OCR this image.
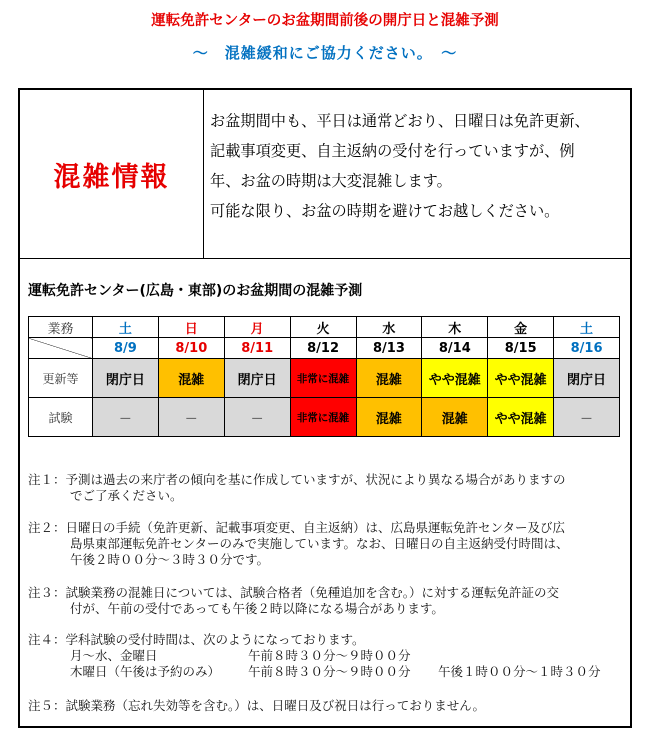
運転免許センターのお盆期間前後の開庁日と混雑予測
～　混雑緩和にご協力ください。　～
混雑情報
お盆期間中も、平日は通常どおり、日曜日は免許更新、
記載事項変更、自主返納の受付を行っていますが、例
年、お盆の時期は大変混雑します。
可能な限り、お盆の時期を避けてお越しください。
運転免許センター(広島・東部)のお盆期間の混雑予測
業務	土	日	月	火	水	木	金	土
	8/9	8/10	8/11	8/12	8/13	8/14	8/15	8/16
更新等	閉庁日	混雑	閉庁日	非常に混雑	混雑	やや混雑	やや混雑	閉庁日
試験	－	－	－	非常に混雑	混雑	混雑	やや混雑	－
注１：予測は過去の来庁者の傾向を基に作成していますが、状況により異なる場合がありますの
でご了承ください。
注２：日曜日の手続（免許更新、記載事項変更、自主返納）は、広島県運転免許センター及び広
島県東部運転免許センターのみで実施しています。なお、日曜日の自主返納受付時間は、
午後２時００分～３時３０分です。
注３：試験業務の混雑日については、試験合格者（免種追加を含む。）に対する運転免許証の交
付が、午前の受付であっても午後２時以降になる場合があります。
注４：学科試験の受付時間は、次のようになっております。
月～水、金曜日	午前８時３０分～９時００分
木曜日（午後は予約のみ） 午前８時３０分～９時００分 午後１時００分～１時３０分
注５：試験業務（忘れ失効等を含む。）は、日曜日及び祝日は行っておりません。
